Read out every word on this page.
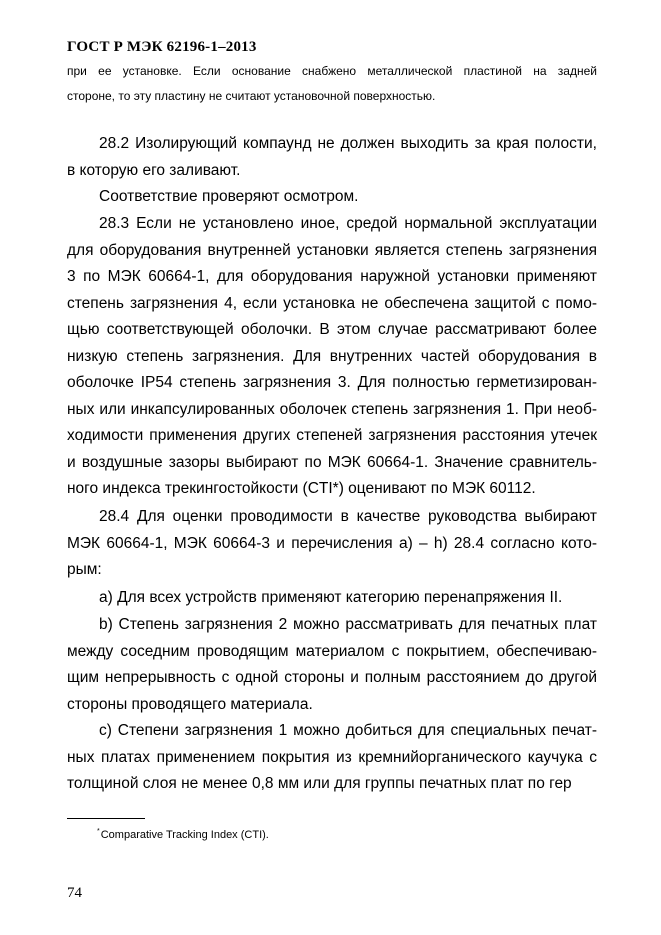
ГОСТ Р МЭК 62196-1–2013

при ее установке. Если основание снабжено металлической пластиной на задней

стороне, то эту пластину не считают установочной поверхностью.

28.2 Изолирующий компаунд не должен выходить за края полости,
в которую его заливают.
Соответствие проверяют осмотром.
28.3 Если не установлено иное, средой нормальной эксплуатации
для оборудования внутренней установки является степень загрязнения
3 по МЭК 60664-1, для оборудования наружной установки применяют
степень загрязнения 4, если установка не обеспечена защитой с помо-
щью соответствующей оболочки. В этом случае рассматривают более
низкую степень загрязнения. Для внутренних частей оборудования в
оболочке IP54 степень загрязнения 3. Для полностью герметизирован-
ных или инкапсулированных оболочек степень загрязнения 1. При необ-
ходимости применения других степеней загрязнения расстояния утечек
и воздушные зазоры выбирают по МЭК 60664-1. Значение сравнитель-
ного индекса трекингостойкости (CTI*) оценивают по МЭК 60112.
28.4 Для оценки проводимости в качестве руководства выбирают
МЭК 60664-1, МЭК 60664-3 и перечисления a) – h) 28.4 согласно кото-
рым:
a) Для всех устройств применяют категорию перенапряжения II.
b) Степень загрязнения 2 можно рассматривать для печатных плат
между соседним проводящим материалом с покрытием, обеспечиваю-
щим непрерывность с одной стороны и полным расстоянием до другой
стороны проводящего материала.
c) Степени загрязнения 1 можно добиться для специальных печат-
ных платах применением покрытия из кремнийорганического каучука с
толщиной слоя не менее 0,8 мм или для группы печатных плат по гер

*Comparative Tracking Index (CTI).

74
